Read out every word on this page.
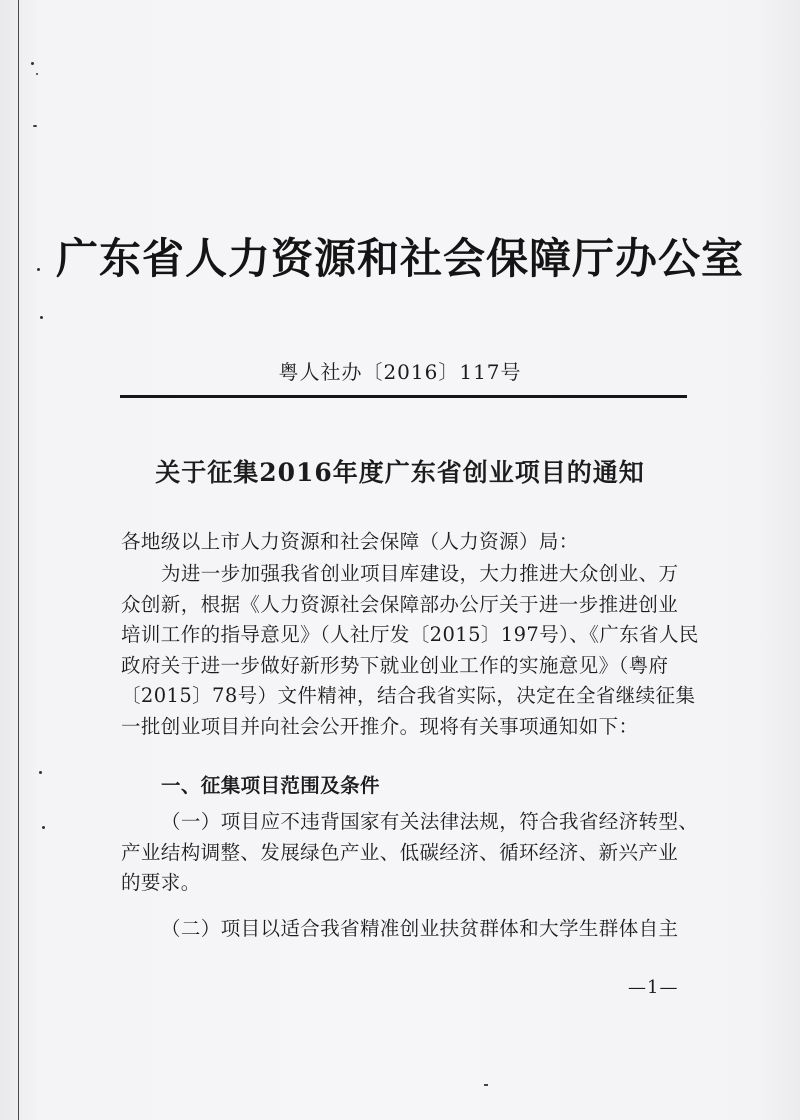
广东省人力资源和社会保障厅办公室
粤人社办〔2016〕117号
关于征集2016年度广东省创业项目的通知
各地级以上市人力资源和社会保障（人力资源）局：
为进一步加强我省创业项目库建设，大力推进大众创业、万
众创新，根据《人力资源社会保障部办公厅关于进一步推进创业
培训工作的指导意见》（人社厅发〔2015〕197号）、《广东省人民
政府关于进一步做好新形势下就业创业工作的实施意见》（粤府
〔2015〕78号）文件精神，结合我省实际，决定在全省继续征集
一批创业项目并向社会公开推介。现将有关事项通知如下：
一、征集项目范围及条件
（一）项目应不违背国家有关法律法规，符合我省经济转型、
产业结构调整、发展绿色产业、低碳经济、循环经济、新兴产业
的要求。
（二）项目以适合我省精准创业扶贫群体和大学生群体自主
—1—
